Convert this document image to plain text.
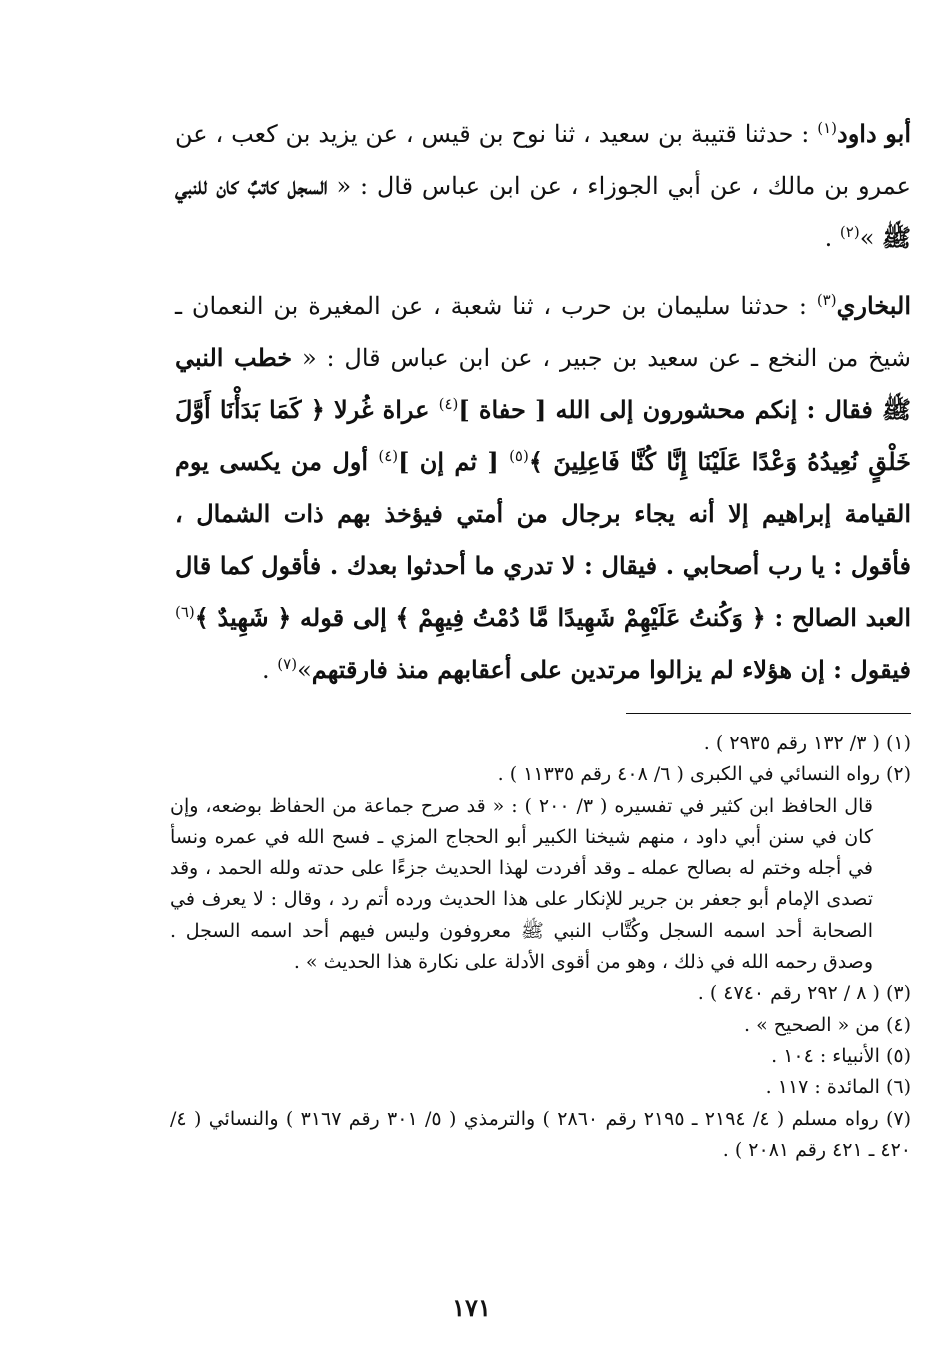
أبو داود$^{(١)}$ : حدثنا قتيبة بن سعيد ، ثنا نوح بن قيس ، عن يزيد بن كعب ، عن عمرو بن مالك ، عن أبي الجوزاء ، عن ابن عباس قال : « السجل كاتبٌ كان للنبي ﷺ »$^{(٢)}$ .

البخاري$^{(٣)}$ : حدثنا سليمان بن حرب ، ثنا شعبة ، عن المغيرة بن النعمان ـ شيخ من النخع ـ عن سعيد بن جبير ، عن ابن عباس قال : « خطب النبي ﷺ فقال : إنكم محشورون إلى الله [ حفاة ]$^{(٤)}$ عراة غُرلا ﴿ كَمَا بَدَأْنَا أَوَّلَ خَلْقٍ نُعِيدُهُ وَعْدًا عَلَيْنَا إِنَّا كُنَّا فَاعِلِينَ ﴾$^{(٥)}$ [ ثم إن ]$^{(٤)}$ أول من يكسى يوم القيامة إبراهيم إلا أنه يجاء برجال من أمتي فيؤخذ بهم ذات الشمال ، فأقول : يا رب أصحابي . فيقال : لا تدري ما أحدثوا بعدك . فأقول كما قال العبد الصالح : ﴿ وَكُنتُ عَلَيْهِمْ شَهِيدًا مَّا دُمْتُ فِيهِمْ ﴾ إلى قوله ﴿ شَهِيدٌ ﴾$^{(٦)}$ فيقول : إن هؤلاء لم يزالوا مرتدين على أعقابهم منذ فارقتهم»$^{(٧)}$ .

(١) ( ٣/ ١٣٢ رقم ٢٩٣٥ ) .

(٢) رواه النسائي في الكبرى ( ٦/ ٤٠٨ رقم ١١٣٣٥ ) .

قال الحافظ ابن كثير في تفسيره ( ٣/ ٢٠٠ ) : « قد صرح جماعة من الحفاظ بوضعه، وإن كان في سنن أبي داود ، منهم شيخنا الكبير أبو الحجاج المزي ـ فسح الله في عمره ونسأ في أجله وختم له بصالح عمله ـ وقد أفردت لهذا الحديث جزءًا على حدته ولله الحمد ، وقد تصدى الإمام أبو جعفر بن جرير للإنكار على هذا الحديث ورده أتم رد ، وقال : لا يعرف في الصحابة أحد اسمه السجل وكُتَّاب النبي ﷺ معروفون وليس فيهم أحد اسمه السجل . وصدق رحمه الله في ذلك ، وهو من أقوى الأدلة على نكارة هذا الحديث » .

(٣) ( ٨ / ٢٩٢ رقم ٤٧٤٠ ) .

(٤) من « الصحيح » .

(٥) الأنبياء : ١٠٤ .

(٦) المائدة : ١١٧ .

(٧) رواه مسلم ( ٤/ ٢١٩٤ ـ ٢١٩٥ رقم ٢٨٦٠ ) والترمذي ( ٥/ ٣٠١ رقم ٣١٦٧ ) والنسائي ( ٤/ ٤٢٠ ـ ٤٢١ رقم ٢٠٨١ ) .

١٧١
